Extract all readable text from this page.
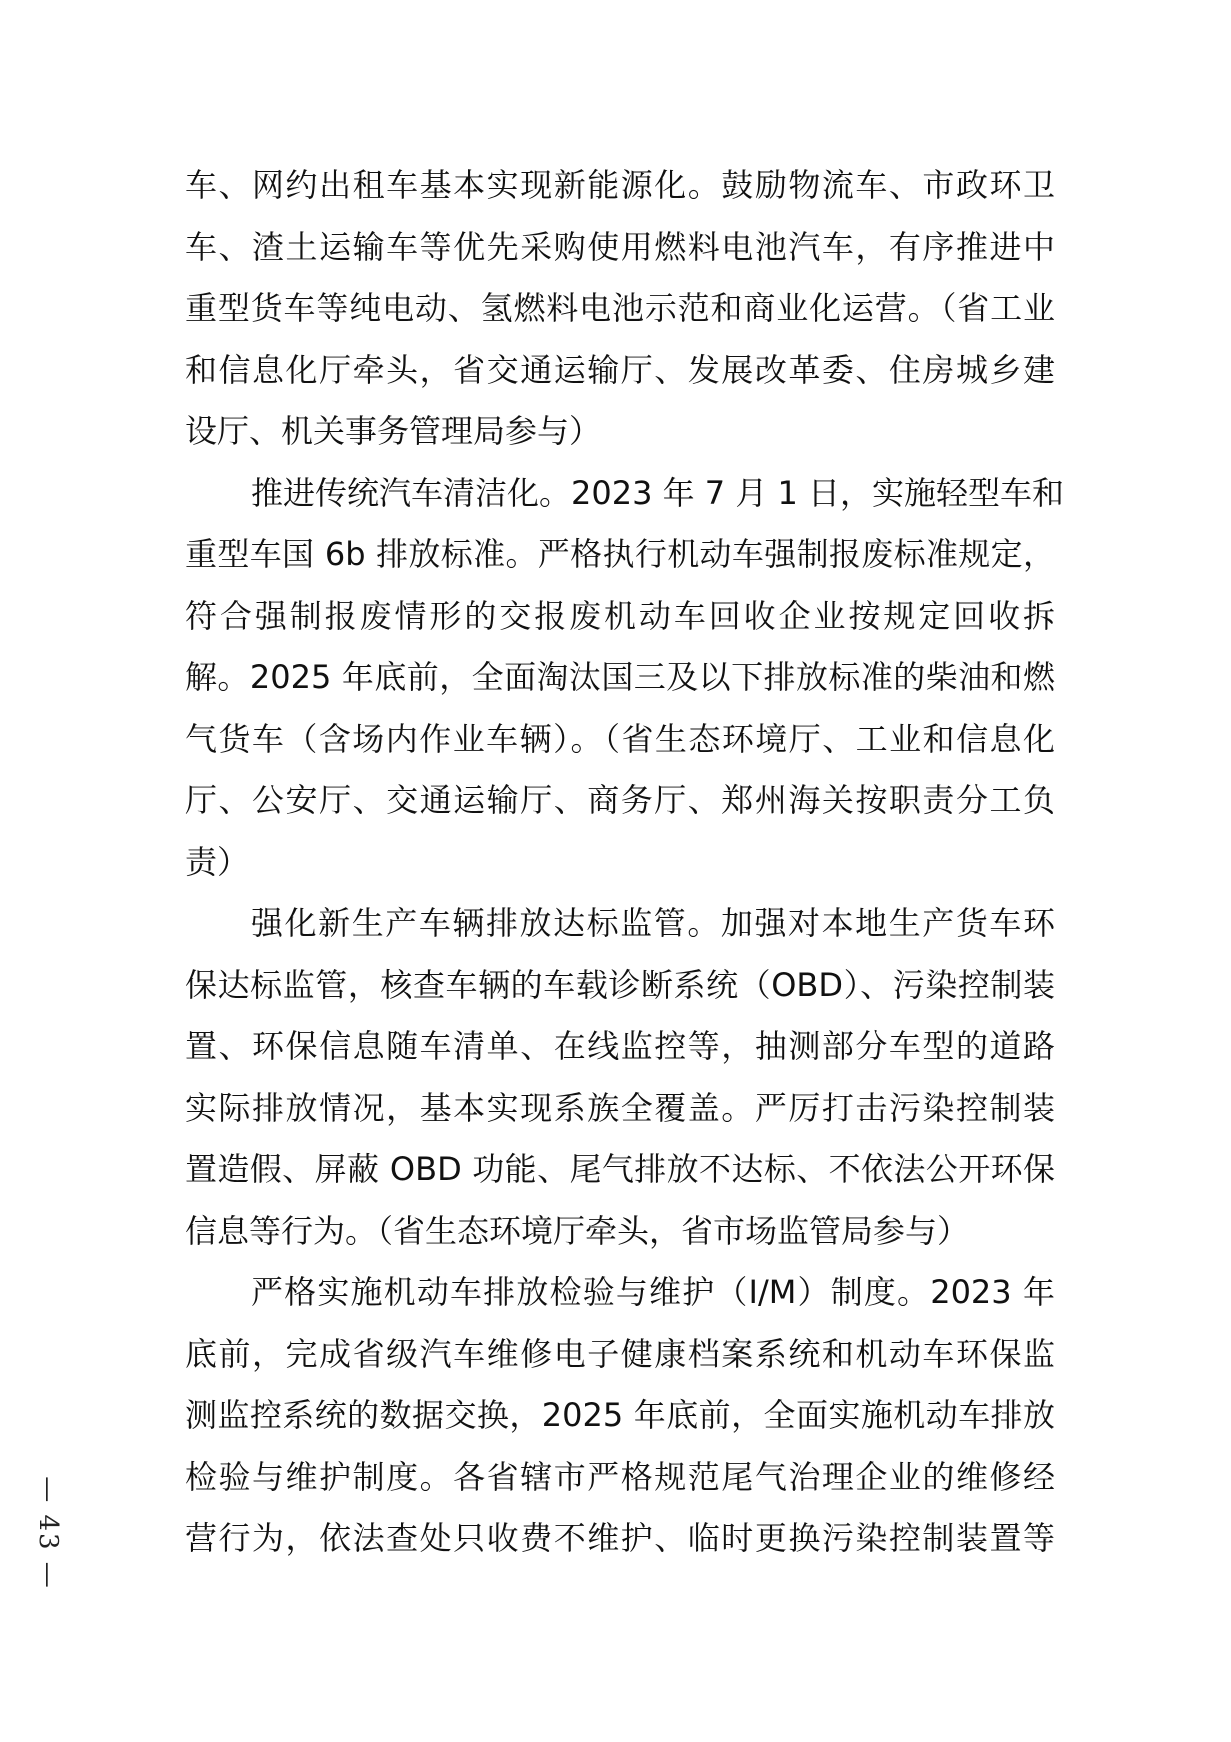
车、网约出租车基本实现新能源化。鼓励物流车、市政环卫
车、渣土运输车等优先采购使用燃料电池汽车，有序推进中
重型货车等纯电动、氢燃料电池示范和商业化运营。（省工业
和信息化厅牵头，省交通运输厅、发展改革委、住房城乡建
设厅、机关事务管理局参与）
推进传统汽车清洁化。2023 年 7 月 1 日，实施轻型车和
重型车国 6b 排放标准。严格执行机动车强制报废标准规定，
符合强制报废情形的交报废机动车回收企业按规定回收拆
解。2025 年底前，全面淘汰国三及以下排放标准的柴油和燃
气货车（含场内作业车辆）。（省生态环境厅、工业和信息化
厅、公安厅、交通运输厅、商务厅、郑州海关按职责分工负
责）
强化新生产车辆排放达标监管。加强对本地生产货车环
保达标监管，核查车辆的车载诊断系统（OBD）、污染控制装
置、环保信息随车清单、在线监控等，抽测部分车型的道路
实际排放情况，基本实现系族全覆盖。严厉打击污染控制装
置造假、屏蔽 OBD 功能、尾气排放不达标、不依法公开环保
信息等行为。（省生态环境厅牵头，省市场监管局参与）
严格实施机动车排放检验与维护（I/M）制度。2023 年
底前，完成省级汽车维修电子健康档案系统和机动车环保监
测监控系统的数据交换，2025 年底前，全面实施机动车排放
检验与维护制度。各省辖市严格规范尾气治理企业的维修经
营行为，依法查处只收费不维护、临时更换污染控制装置等
— 43 —
